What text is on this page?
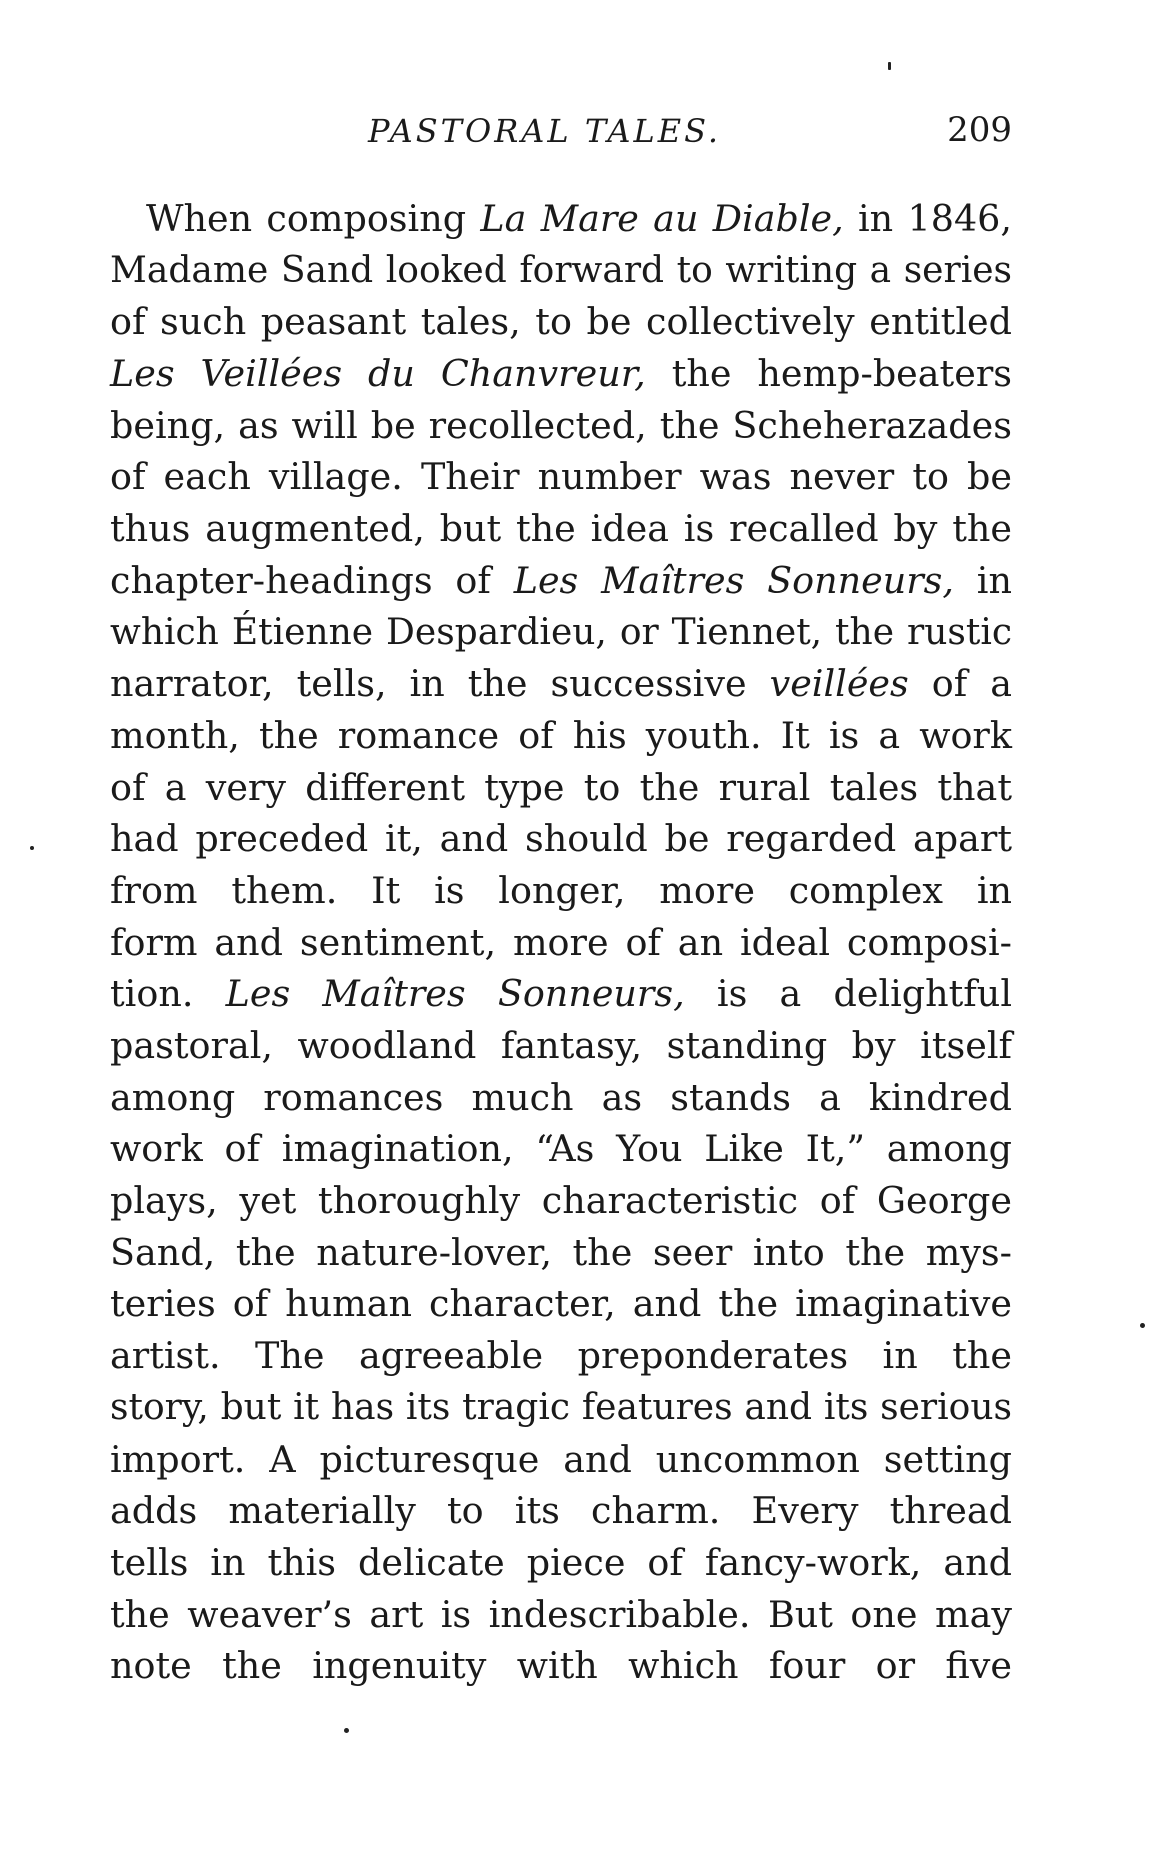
PASTORAL TALES.	209
When composing La Mare au Diable, in 1846,
Madame Sand looked forward to writing a series
of such peasant tales, to be collectively entitled
Les Veillées du Chanvreur, the hemp-beaters
being, as will be recollected, the Scheherazades
of each village. Their number was never to be
thus augmented, but the idea is recalled by the
chapter-headings of Les Maîtres Sonneurs, in
which Étienne Despardieu, or Tiennet, the rustic
narrator, tells, in the successive veillées of a
month, the romance of his youth. It is a work
of a very different type to the rural tales that
had preceded it, and should be regarded apart
from them. It is longer, more complex in
form and sentiment, more of an ideal composi-
tion. Les Maîtres Sonneurs, is a delightful
pastoral, woodland fantasy, standing by itself
among romances much as stands a kindred
work of imagination, “As You Like It,” among
plays, yet thoroughly characteristic of George
Sand, the nature-lover, the seer into the mys-
teries of human character, and the imaginative
artist. The agreeable preponderates in the
story, but it has its tragic features and its serious
import. A picturesque and uncommon setting
adds materially to its charm. Every thread
tells in this delicate piece of fancy-work, and
the weaver’s art is indescribable. But one may
note the ingenuity with which four or five
